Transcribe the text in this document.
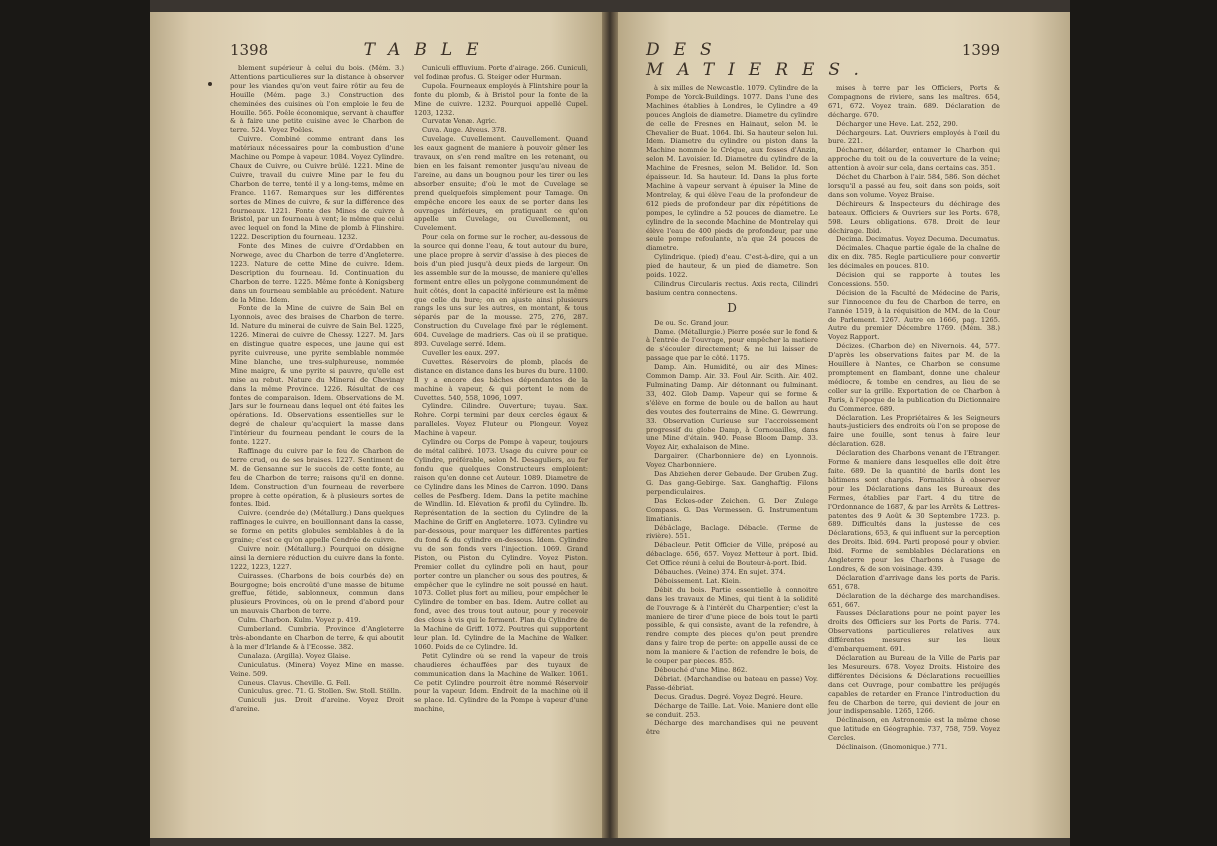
1398	TABLE

blement supérieur à celui du bois. (Mém. 3.) Attentions particulieres sur la distance à observer pour les viandes qu'on veut faire rôtir au feu de Houille (Mém. page 3.) Construction des cheminées des cuisines où l'on emploie le feu de Houille. 565. Poêle économique, servant à chauffer & à faire une petite cuisine avec le Charbon de terre. 524. Voyez Poêles.

Cuivre. Combiné comme entrant dans les matériaux nécessaires pour la combustion d'une Machine ou Pompe à vapeur. 1084. Voyez Cylindre. Chaux de Cuivre, ou Cuivre brûlé. 1221. Mine de Cuivre, travail du cuivre Mine par le feu du Charbon de terre, tenté il y a long-tems, même en France. 1167. Remarques sur les différentes sortes de Mines de cuivre, & sur la différence des fourneaux. 1221. Fonte des Mines de cuivre à Bristol, par un fourneau à vent; le même que celui avec lequel on fond la Mine de plomb à Flinshire. 1222. Description du fourneau. 1232.

Fonte des Mines de cuivre d'Ordabben en Norwege, avec du Charbon de terre d'Angleterre. 1223. Nature de cette Mine de cuivre. Idem. Description du fourneau. Id. Continuation du Charbon de terre. 1225. Même fonte à Konigsberg dans un fourneau semblable au précédent. Nature de la Mine. Idem.

Fonte de la Mine de cuivre de Sain Bel en Lyonnois, avec des braises de Charbon de terre. Id. Nature du minerai de cuivre de Sain Bel. 1225, 1226. Minerai de cuivre de Chessy. 1227. M. Jars en distingue quatre especes, une jaune qui est pyrite cuivreuse, une pyrite semblable nommée Mine blanche, une tres-sulphureuse, nommée Mine maigre, & une pyrite si pauvre, qu'elle est mise au rebut. Nature du Minerai de Chevinay dans la même Province. 1226. Résultat de ces fontes de comparaison. Idem. Observations de M. Jars sur le fourneau dans lequel ont été faites les opérations. Id. Observations essentielles sur le degré de chaleur qu'acquiert la masse dans l'intérieur du fourneau pendant le cours de la fonte. 1227.

Raffinage du cuivre par le feu de Charbon de terre crud, ou de ses braises. 1227. Sentiment de M. de Gensanne sur le succès de cette fonte, au feu de Charbon de terre; raisons qu'il en donne. Idem. Construction d'un fourneau de reverbere propre à cette opération, & à plusieurs sortes de fontes. Ibid.

Cuivre. (cendrée de) (Métallurg.) Dans quelques raffinages le cuivre, en bouillonnant dans la casse, se forme en petits globules semblables à de la graine; c'est ce qu'on appelle Cendrée de cuivre.

Cuivre noir. (Métallurg.) Pourquoi on désigne ainsi la derniere réduction du cuivre dans la fonte. 1222, 1223, 1227.

Cuirasses. (Charbons de bois courbés de) en Bourgogne; bois encroûté d'une masse de bitume greffue, fétide, sablonneux, commun dans plusieurs Provinces, où on le prend d'abord pour un mauvais Charbon de terre.

Culm. Charbon. Kulm. Voyez p. 419.

Cumberland. Cumbria. Province d'Angleterre très-abondante en Charbon de terre, & qui aboutit à la mer d'Irlande & à l'Ecosse. 382.

Cunalaza. (Argilla). Voyez Glaise.

Cuniculatus. (Minera) Voyez Mine en masse. Veine. 509.

Cuneus. Clavus. Cheville. G. Fell.

Cuniculus. grec. 71. G. Stollen. Sw. Stoll. Stölln.

Cuniculi jus. Droit d'areine. Voyez Droit d'areine.

Cuniculi effluvium. Porte d'airage. 266. Cuniculi, vel fodinæ profus. G. Steiger oder Hurman.

Cupola. Fourneaux employés à Flintshire pour la fonte du plomb, & à Bristol pour la fonte de la Mine de cuivre. 1232. Pourquoi appellé Cupel. 1203, 1232.

Curvatæ Venæ. Agric.

Cuva. Auge. Alveus. 378.

Cuvelage. Cuvellement. Cauvellement. Quand les eaux gagnent de maniere à pouvoir gêner les travaux, on s'en rend maître en les retenant, ou bien en les faisant remonter jusqu'au niveau de l'areine, au dans un bougnou pour les tirer ou les absorber ensuite; d'où le mot de Cuvelage se prend quelquefois simplement pour Tamage. On empêche encore les eaux de se porter dans les ouvrages inférieurs, en pratiquant ce qu'on appelle un Cuvelage, ou Cuvellement, ou Cuvelement.

Pour cela on forme sur le rocher, au-dessous de la source qui donne l'eau, & tout autour du bure, une place propre à servir d'assise à des pieces de bois d'un pied jusqu'à deux pieds de largeur. On les assemble sur de la mousse, de maniere qu'elles forment entre elles un polygone communément de huit côtés, dont la capacité inférieure est la même que celle du bure; on en ajuste ainsi plusieurs rangs les uns sur les autres, en montant, & tous séparés par de la mousse. 275, 276, 287. Construction du Cuvelage fixé par le réglement. 604. Cuvelage de madriers. Cas où il se pratique. 893. Cuvelage serré. Idem.

Cuveller les eaux. 297.

Cuvettes. Réservoirs de plomb, placés de distance en distance dans les bures du bure. 1100. Il y a encore des bâches dépendantes de la machine à vapeur, & qui portent le nom de Cuvettes. 540, 558, 1096, 1097.

Cylindre. Cilindre. Ouverture; tuyau. Sax. Rohre. Corpi termini par deux cercles égaux & paralleles. Voyez Fluteur ou Plongeur. Voyez Machine à vapeur.

Cylindre ou Corps de Pompe à vapeur, toujours de métal calibré. 1073. Usage du cuivre pour ce Cylindre, préférable, selon M. Desaguliers, au fer fondu que quelques Constructeurs emploient: raison qu'en donne cet Auteur. 1089. Diametre de ce Cylindre dans les Mines de Carron. 1090. Dans celles de Pesfberg. Idem. Dans la petite machine de Windlin. Id. Elévation & profil du Cylindre. Ib. Représentation de la section du Cylindre de la Machine de Griff en Angleterre. 1073. Cylindre vu par-dessous, pour marquer les différentes parties du fond & du cylindre en-dessous. Idem. Cylindre vu de son fonds vers l'injection. 1069. Grand Piston, ou Piston du Cylindre. Voyez Piston. Premier collet du cylindre poli en haut, pour porter contre un plancher ou sous des poutres, & empêcher que le cylindre ne soit poussé en haut. 1073. Collet plus fort au milieu, pour empêcher le Cylindre de tomber en bas. Idem. Autre collet au fond, avec des trous tout autour, pour y recevoir des clous à vis qui le ferment. Plan du Cylindre de la Machine de Griff. 1072. Poutres qui supportent leur plan. Id. Cylindre de la Machine de Walker. 1060. Poids de ce Cylindre. Id.

Petit Cylindre où se rend la vapeur de trois chaudieres échauffées par des tuyaux de communication dans la Machine de Walker. 1061. Ce petit Cylindre pourroit être nommé Réservoir pour la vapeur. Idem. Endroit de la machine où il se place. Id. Cylindre de la Pompe à vapeur d'une machine,

DES MATIERES.
1399

à six milles de Newcastle. 1079. Cylindre de la Pompe de Yorck-Buildings. 1077. Dans l'une des Machines établies à Londres, le Cylindre a 49 pouces Anglois de diametre. Diametre du cylindre de celle de Fresnes en Hainaut, selon M. le Chevalier de Buat. 1064. Ibi. Sa hauteur selon lui. Idem. Diametre du cylindre ou piston dans la Machine nommée le Crôque, aux fosses d'Anzin, selon M. Lavoisier. Id. Diametre du cylindre de la Machine de Fresnes, selon M. Belidor. Id. Son épaisseur. Id. Sa hauteur. Id. Dans la plus forte Machine à vapeur servant à épuiser la Mine de Montrelay, & qui élève l'eau de la profondeur de 612 pieds de profondeur par dix répétitions de pompes, le cylindre a 52 pouces de diametre. Le cylindre de la seconde Machine de Montrelay qui élève l'eau de 400 pieds de profondeur, par une seule pompe refoulante, n'a que 24 pouces de diametre.

Cylindrique. (pied) d'eau. C'est-à-dire, qui a un pied de hauteur, & un pied de diametre. Son poids. 1022.

Cilindrus Circularis rectus. Axis recta, Cilindri basium centra connectens.

D

De ou. Sc. Grand jour.

Dame. (Métallurgie.) Pierre posée sur le fond & à l'entrée de l'ouvrage, pour empêcher la matiere de s'écouler directement; & ne lui laisser de passage que par le côté. 1175.

Damp. Ain. Humidité, ou air des Mines: Common Damp. Air. 33. Foul Air. Scith. Air. 402. Fulminating Damp. Air détonnant ou fulminant. 33, 402. Glob Damp. Vapeur qui se forme & s'élève en forme de boule ou de ballon au haut des voutes des fouterrains de Mine. G. Gewrrung. 33. Observation Curieuse sur l'accroissement progressif du globe Damp, à Cornouailles, dans une Mine d'étain. 940. Pease Bloom Damp. 33. Voyez Air, exhalaison de Mine.

Dargairer. (Charbonniere de) en Lyonnois. Voyez Charbonniere.

Das Abziehen derer Gebaude. Der Gruben Zug. G. Das gang-Gebirge. Sax. Ganghaftig. Filons perpendiculaires.

Das Eckes-oder Zeichen. G. Der Zulege Compass. G. Das Vermessen. G. Instrumentum limatianis.

Débâclage, Baclage. Débacle. (Terme de rivière). 551.

Débacleur. Petit Officier de Ville, préposé au débaclage. 656, 657. Voyez Metteur à port. Ibid. Cet Office réuni à celui de Bouteur-à-port. Ibid.

Débauches. (Veine) 374. En sujet. 374.

Déboissement. Lat. Kiein.

Débit du bois. Partie essentielle à connoitre dans les travaux de Mines, qui tient à la solidité de l'ouvrage & à l'intérêt du Charpentier; c'est la maniere de tirer d'une piece de bois tout le parti possible, & qui consiste, avant de la refendre, à rendre compte des pieces qu'on peut prendre dans y faire trop de perte: on appelle aussi de ce nom la maniere & l'action de refendre le bois, de le couper par pieces. 855.

Débouché d'une Mine. 862.

Débriat. (Marchandise ou bateau en passe) Voy. Passe-débriat.

Decus. Gradus. Degré. Voyez Degré. Heure.

Décharge de Taille. Lat. Voie. Maniere dont elle se conduit. 253.

Décharge des marchandises qui ne peuvent être

mises à terre par les Officiers, Ports & Compagnons de riviere, sans les maîtres. 654, 671, 672. Voyez train. 689. Déclaration de décharge. 670.

Décharger une Heve. Lat. 252, 290.

Déchargeurs. Lat. Ouvriers employés à l'œil du bure. 221.

Décharner, délarder, entamer le Charbon qui approche du toit ou de la couverture de la veine; attention à avoir sur cela, dans certains cas. 351.

Déchet du Charbon à l'air. 584, 586. Son déchet lorsqu'il a passé au feu, soit dans son poids, soit dans son volume. Voyez Braise.

Déchireurs & Inspecteurs du déchirage des bateaux. Officiers & Ouvriers sur les Ports. 678, 598. Leurs obligations. 678. Droit de leur déchirage. Ibid.

Decima. Decimatus. Voyez Decuma. Decumatus.

Décimales. Chaque partie égale de la chaîne de dix en dix. 785. Regle particuliere pour convertir les décimales en pouces. 810.

Décision qui se rapporte à toutes les Concessions. 550.

Décision de la Faculté de Médecine de Paris, sur l'innocence du feu de Charbon de terre, en l'année 1519, à la réquisition de MM. de la Cour de Parlement. 1267. Autre en 1666, pag. 1265. Autre du premier Décembre 1769. (Mém. 38.) Voyez Rapport.

Décizes. (Charbon de) en Nivernois. 44, 577. D'après les observations faites par M. de la Houillere à Nantes, ce Charbon se consume promptement en flambant, donne une chaleur médiocre, & tombe en cendres, au lieu de se coller sur la grille. Exportation de ce Charbon à Paris, à l'époque de la publication du Dictionnaire du Commerce. 689.

Déclaration. Les Propriétaires & les Seigneurs hauts-justiciers des endroits où l'on se propose de faire une fouille, sont tenus à faire leur déclaration. 628.

Déclaration des Charbons venant de l'Etranger. Forme & maniere dans lesquelles elle doit être faite. 689. De la quantité de barils dont les bâtimens sont chargés. Formalités à observer pour les Déclarations dans les Bureaux des Fermes, établies par l'art. 4 du titre de l'Ordonnance de 1687, & par les Arrêts & Lettres-patentes des 9 Août & 30 Septembre 1723. p. 689. Difficultés dans la justesse de ces Déclarations, 653, & qui influent sur la perception des Droits. Ibid. 694. Parti proposé pour y obvier. Ibid. Forme de semblables Déclarations en Angleterre pour les Charbons à l'usage de Londres, & de son voisinage. 439.

Déclaration d'arrivage dans les ports de Paris. 651, 678.

Déclaration de la décharge des marchandises. 651, 667.

Fausses Déclarations pour ne point payer les droits des Officiers sur les Ports de Paris. 774. Observations particulieres relatives aux différentes mesures sur les lieux d'embarquement. 691.

Déclaration au Bureau de la Ville de Paris par les Mesureurs. 678. Voyez Droits. Histoire des différentes Décisions & Déclarations recueillies dans cet Ouvrage, pour combattre les préjugés capables de retarder en France l'introduction du feu de Charbon de terre, qui devient de jour en jour indispensable. 1265, 1266.

Déclinaison, en Astronomie est la même chose que latitude en Géographie. 737, 758, 759. Voyez Cercles.

Déclinaison. (Gnomonique.) 771.
